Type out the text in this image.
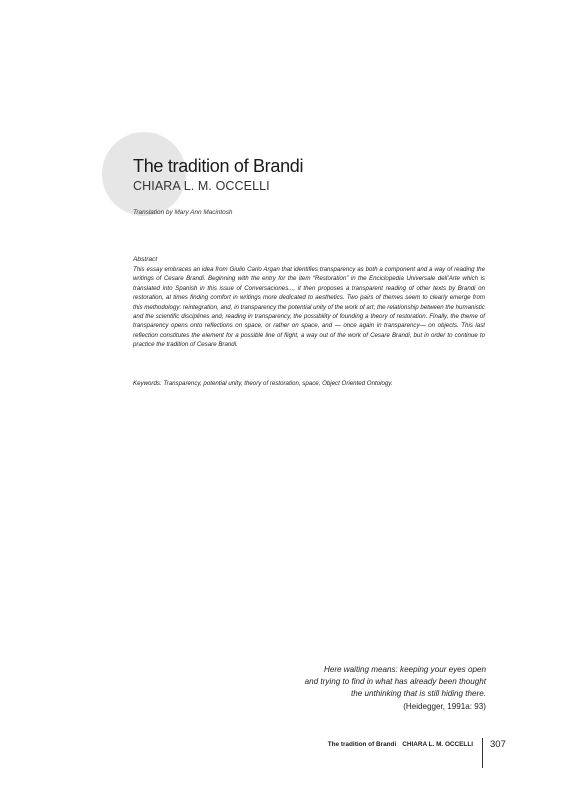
The tradition of Brandi
CHIARA L. M. OCCELLI
Translation by Mary Ann Macintosh
Abstract
This essay embraces an idea from Giulio Carlo Argan that identifies transparency as both a component and a way of reading the writings of Cesare Brandi. Beginning with the entry for the item “Restoration” in the Enciclopedia Universale dell’Arte which is translated into Spanish in this issue of Conversaciones..., it then proposes a transparent reading of other texts by Brandi on restoration, at times finding comfort in writings more dedicated to aesthetics. Two pairs of themes seem to clearly emerge from this methodology: reintegration, and, in transparency the potential unity of the work of art; the relationship between the humanistic and the scientific disciplines and, reading in transparency, the possibility of founding a theory of restoration. Finally, the theme of transparency opens onto reflections on space, or rather on space, and — once again in transparency— on objects. This last reflection constitutes the element for a possible line of flight, a way out of the work of Cesare Brandi, but in order to continue to practice the tradition of Cesare Brandi.
Keywords: Transparency, potential unity, theory of restoration, space, Object Oriented Ontology.
Here waiting means: keeping your eyes open
and trying to find in what has already been thought
the unthinking that is still hiding there.
(Heidegger, 1991a: 93)
The tradition of Brandi CHIARA L. M. OCCELLI 307
